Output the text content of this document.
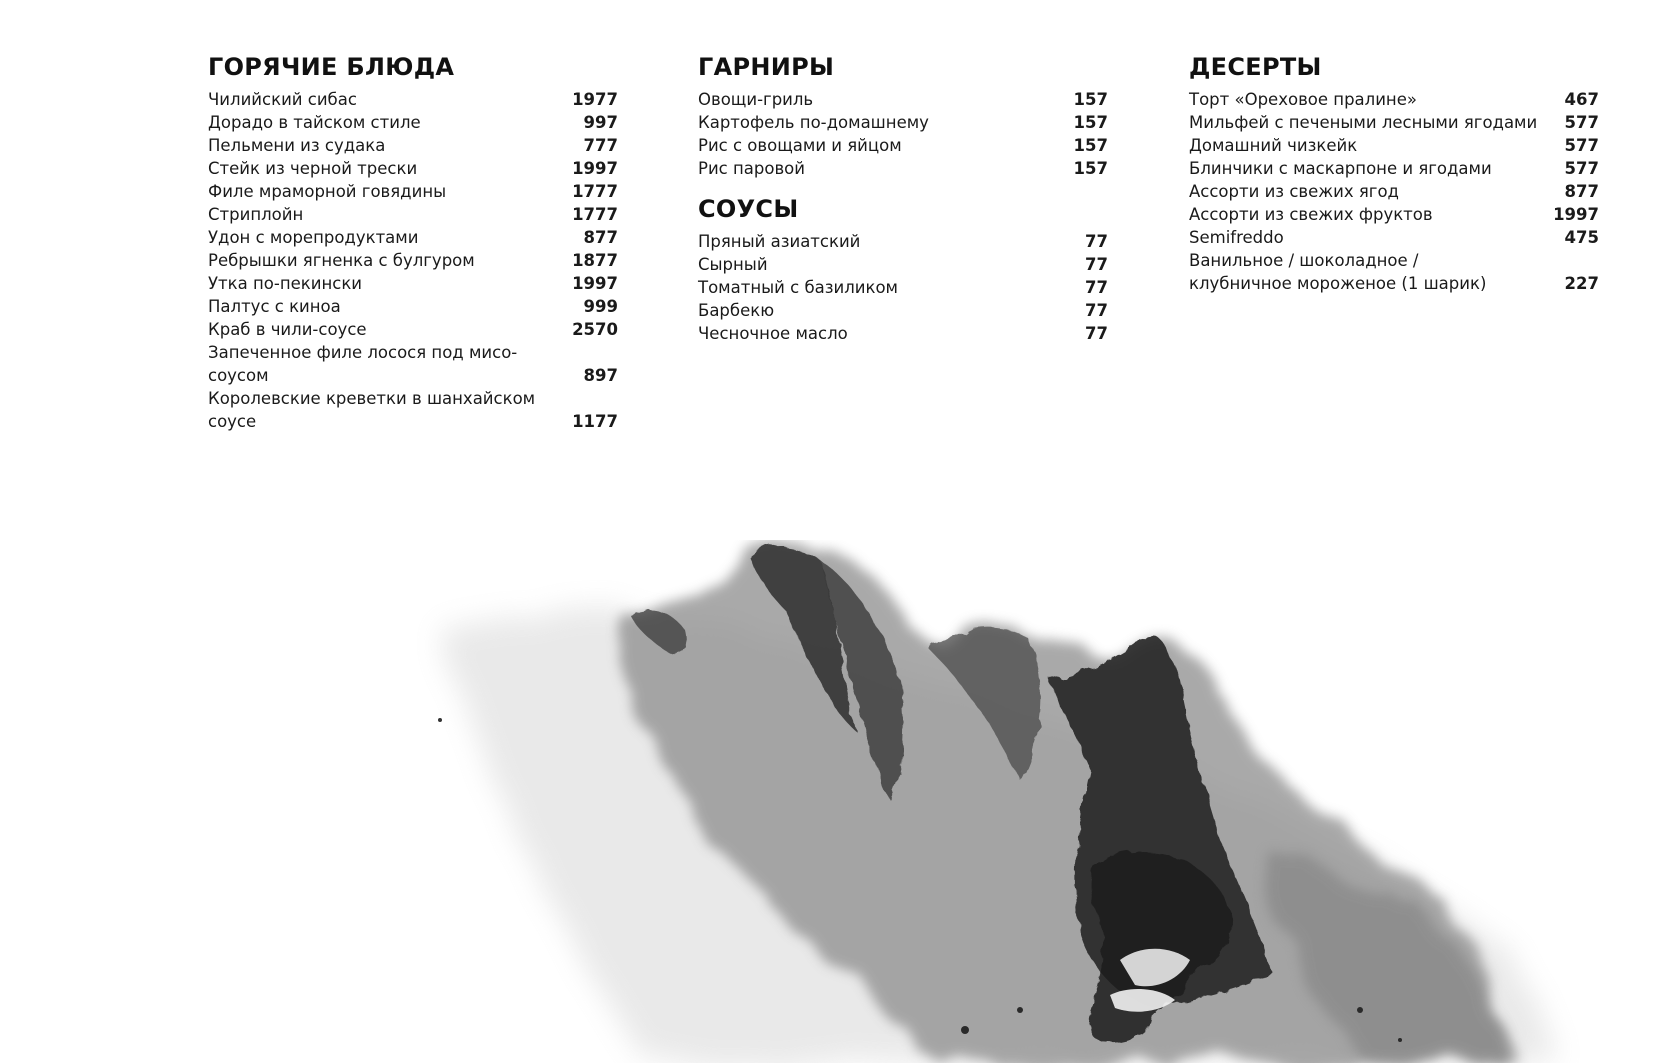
ГОРЯЧИЕ БЛЮДА
Чилийский сибас	1977
Дорадо в тайском стиле	997
Пельмени из судака	777
Стейк из черной трески	1997
Филе мраморной говядины	1777
Стриплойн	1777
Удон с морепродуктами	877
Ребрышки ягненка с булгуром	1877
Утка по-пекински	1997
Палтус с киноа	999
Краб в чили-соусе	2570
Запеченное филе лосося под мисо-соусом	897
Королевские креветки в шанхайском соусе	1177
ГАРНИРЫ
Овощи-гриль	157
Картофель по-домашнему	157
Рис с овощами и яйцом	157
Рис паровой	157
СОУСЫ
Пряный азиатский	77
Сырный	77
Томатный с базиликом	77
Барбекю	77
Чесночное масло	77
ДЕСЕРТЫ
Торт «Ореховое пралине»	467
Мильфей с печеными лесными ягодами	577
Домашний чизкейк	577
Блинчики с маскарпоне и ягодами	577
Ассорти из свежих ягод	877
Ассорти из свежих фруктов	1997
Semifreddo	475
Ванильное / шоколадное /
клубничное мороженое (1 шарик)	227
